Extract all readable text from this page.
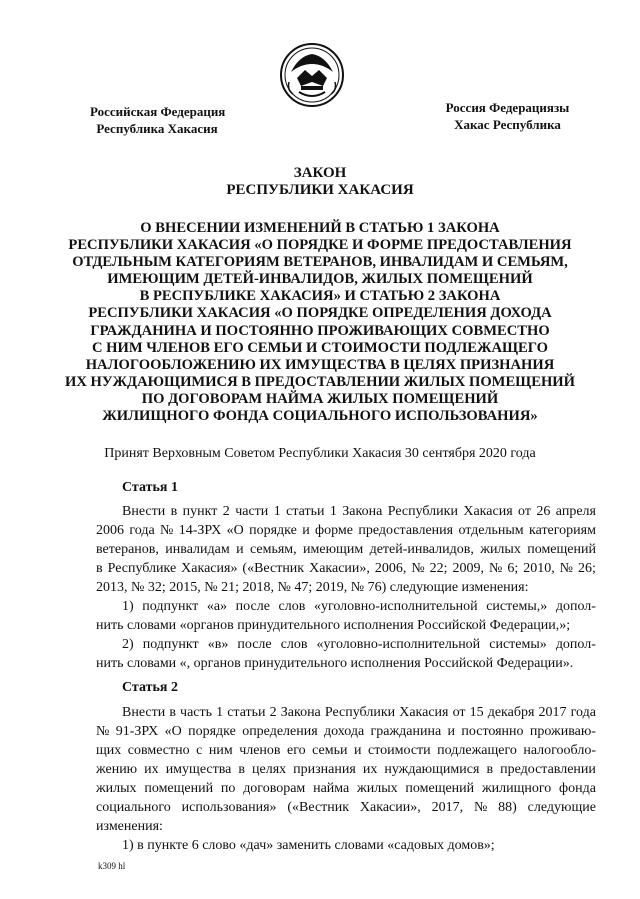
Российская Федерация
Республика Хакасия
Россия Федерациязы
Хакас Республика
ЗАКОН
РЕСПУБЛИКИ ХАКАСИЯ
О ВНЕСЕНИИ ИЗМЕНЕНИЙ В СТАТЬЮ 1 ЗАКОНА
РЕСПУБЛИКИ ХАКАСИЯ «О ПОРЯДКЕ И ФОРМЕ ПРЕДОСТАВЛЕНИЯ
ОТДЕЛЬНЫМ КАТЕГОРИЯМ ВЕТЕРАНОВ, ИНВАЛИДАМ И СЕМЬЯМ,
ИМЕЮЩИМ ДЕТЕЙ-ИНВАЛИДОВ, ЖИЛЫХ ПОМЕЩЕНИЙ
В РЕСПУБЛИКЕ ХАКАСИЯ» И СТАТЬЮ 2 ЗАКОНА
РЕСПУБЛИКИ ХАКАСИЯ «О ПОРЯДКЕ ОПРЕДЕЛЕНИЯ ДОХОДА
ГРАЖДАНИНА И ПОСТОЯННО ПРОЖИВАЮЩИХ СОВМЕСТНО
С НИМ ЧЛЕНОВ ЕГО СЕМЬИ И СТОИМОСТИ ПОДЛЕЖАЩЕГО
НАЛОГООБЛОЖЕНИЮ ИХ ИМУЩЕСТВА В ЦЕЛЯХ ПРИЗНАНИЯ
ИХ НУЖДАЮЩИМИСЯ В ПРЕДОСТАВЛЕНИИ ЖИЛЫХ ПОМЕЩЕНИЙ
ПО ДОГОВОРАМ НАЙМА ЖИЛЫХ ПОМЕЩЕНИЙ
ЖИЛИЩНОГО ФОНДА СОЦИАЛЬНОГО ИСПОЛЬЗОВАНИЯ»
Принят Верховным Советом Республики Хакасия 30 сентября 2020 года
Статья 1
Внести в пункт 2 части 1 статьи 1 Закона Республики Хакасия от 26 апреля
2006 года № 14-ЗРХ «О порядке и форме предоставления отдельным категориям
ветеранов, инвалидам и семьям, имеющим детей-инвалидов, жилых помещений
в Республике Хакасия» («Вестник Хакасии», 2006, № 22; 2009, № 6; 2010, № 26;
2013, № 32; 2015, № 21; 2018, № 47; 2019, № 76) следующие изменения:
1) подпункт «а» после слов «уголовно-исполнительной системы,» допол-
нить словами «органов принудительного исполнения Российской Федерации,»;
2) подпункт «в» после слов «уголовно-исполнительной системы» допол-
нить словами «, органов принудительного исполнения Российской Федерации».
Статья 2
Внести в часть 1 статьи 2 Закона Республики Хакасия от 15 декабря 2017 года
№ 91-ЗРХ «О порядке определения дохода гражданина и постоянно проживаю-
щих совместно с ним членов его семьи и стоимости подлежащего налогообло-
жению их имущества в целях признания их нуждающимися в предоставлении
жилых помещений по договорам найма жилых помещений жилищного фонда
социального использования» («Вестник Хакасии», 2017, № 88) следующие
изменения:
1) в пункте 6 слово «дач» заменить словами «садовых домов»;
k309 hl
